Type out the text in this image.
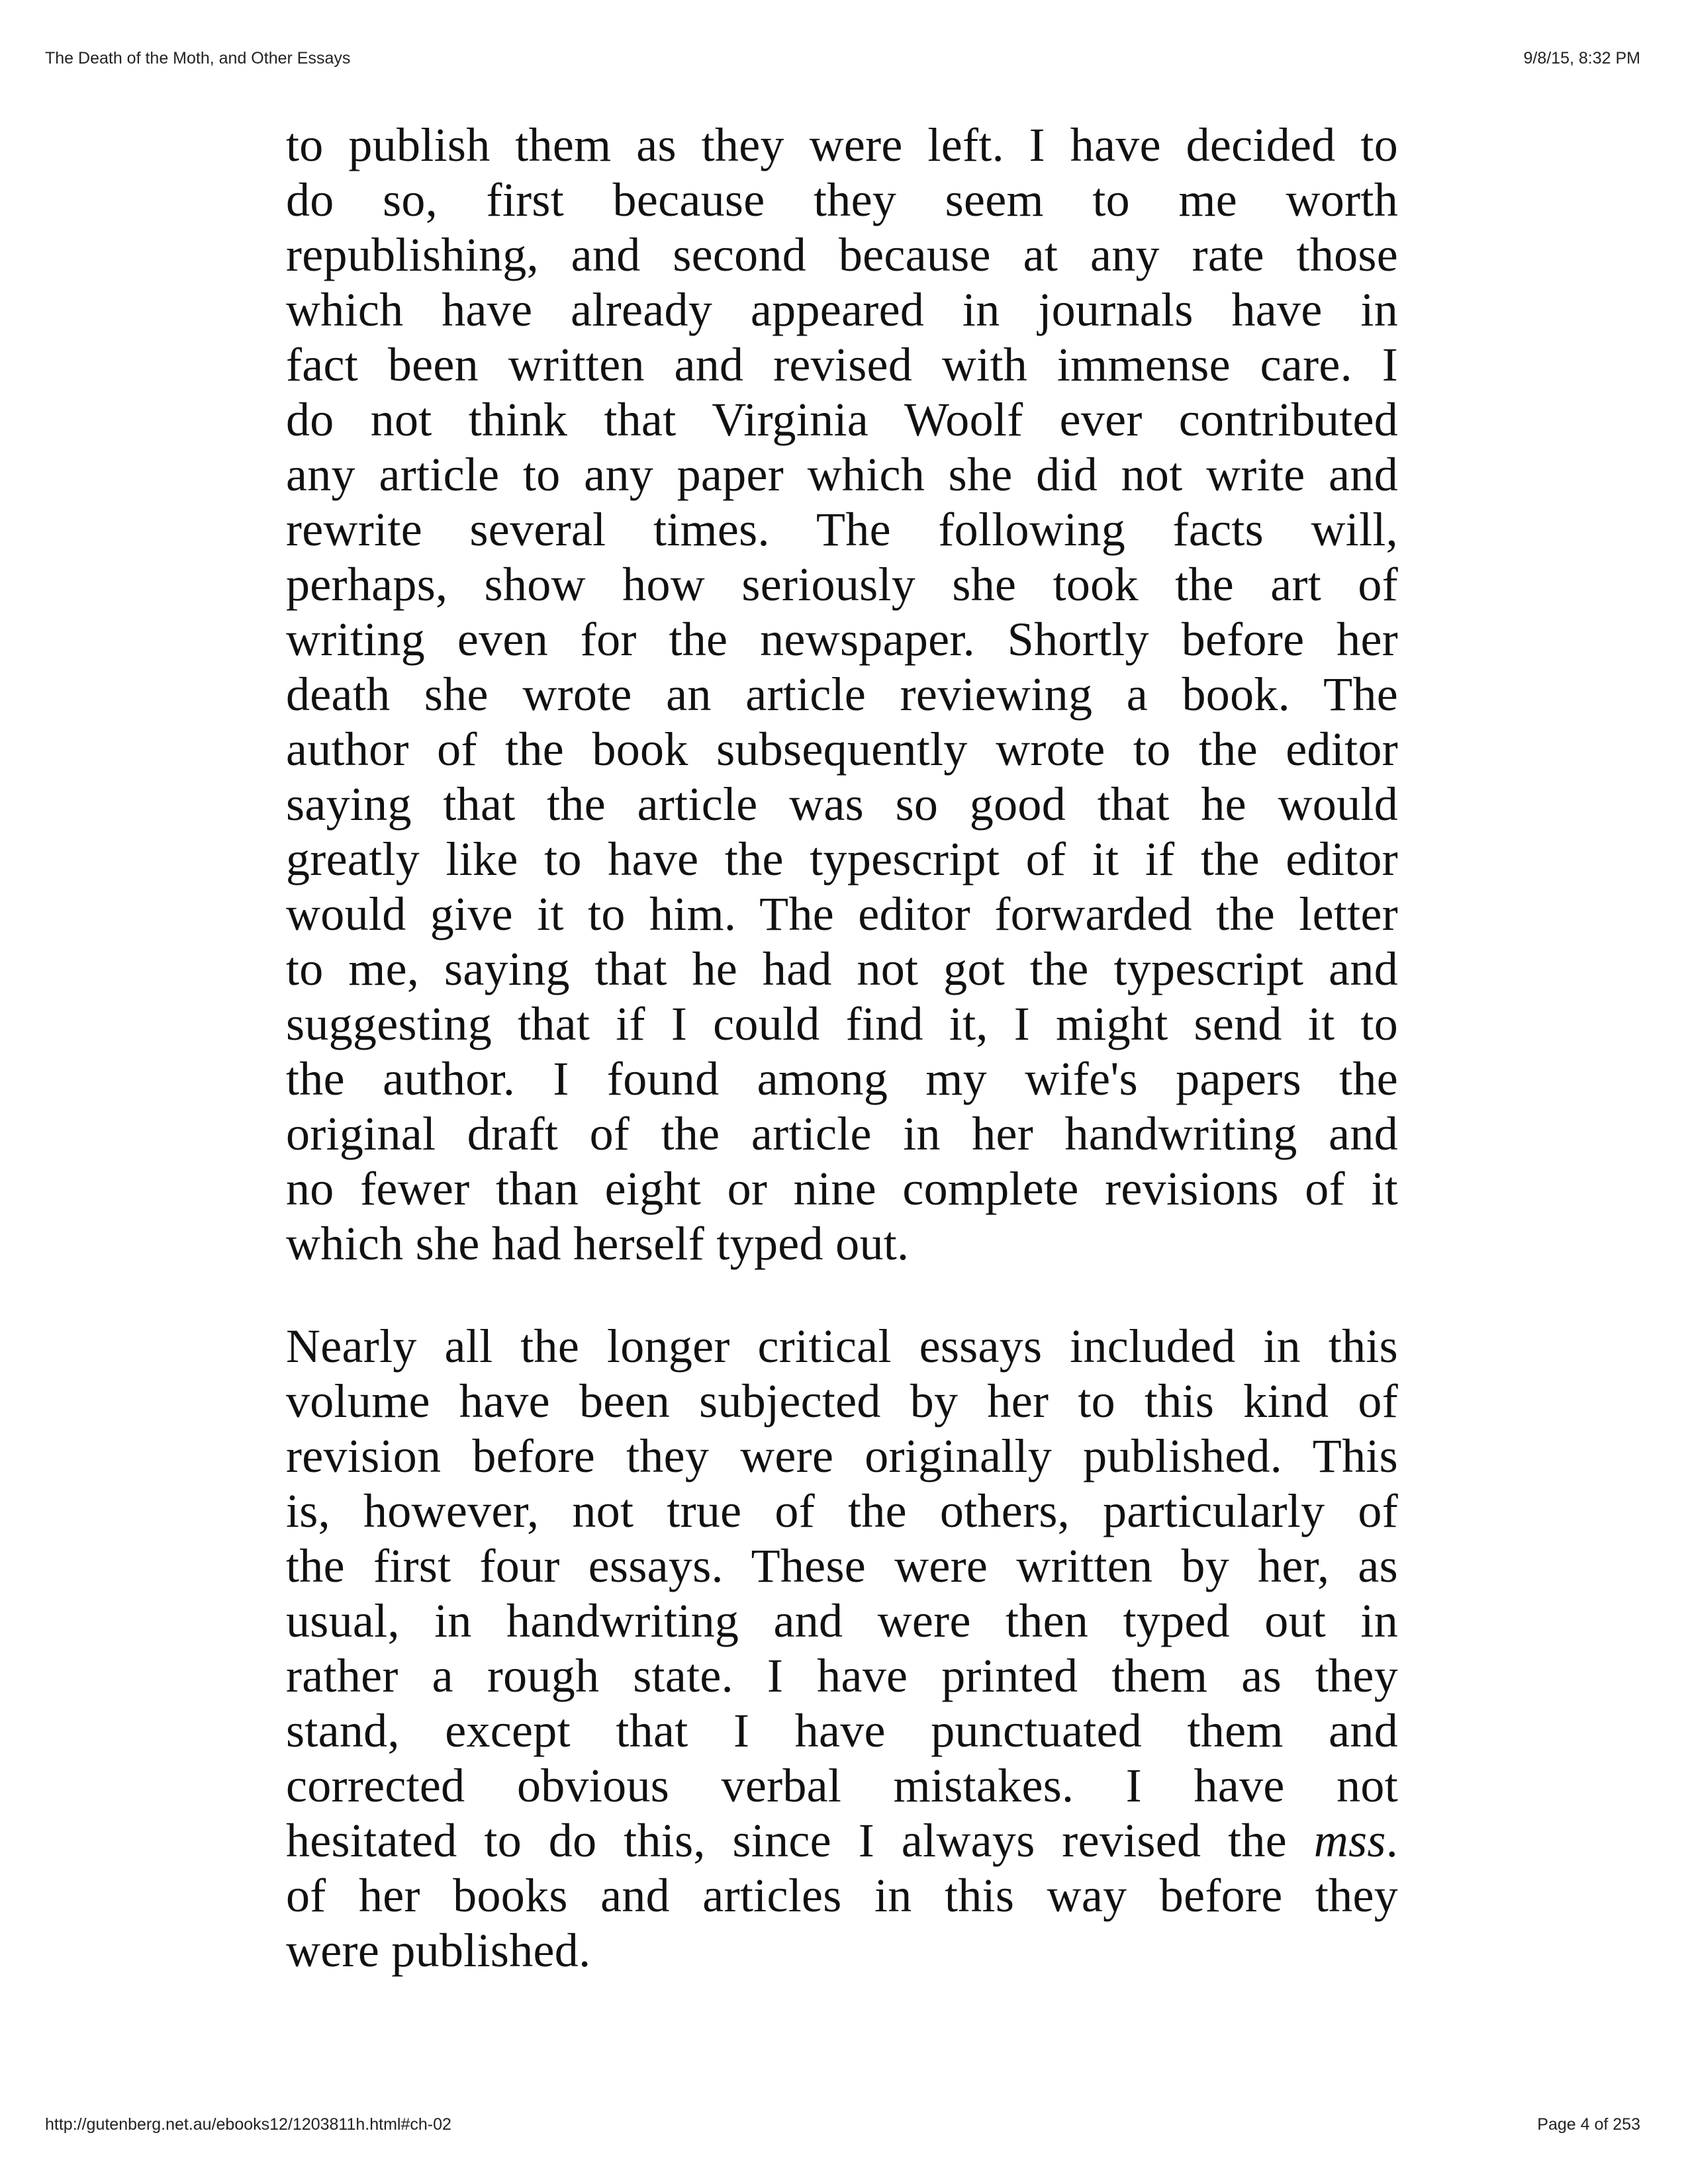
The Death of the Moth, and Other Essays	9/8/15, 8:32 PM
to publish them as they were left. I have decided to
do so, first because they seem to me worth
republishing, and second because at any rate those
which have already appeared in journals have in
fact been written and revised with immense care. I
do not think that Virginia Woolf ever contributed
any article to any paper which she did not write and
rewrite several times. The following facts will,
perhaps, show how seriously she took the art of
writing even for the newspaper. Shortly before her
death she wrote an article reviewing a book. The
author of the book subsequently wrote to the editor
saying that the article was so good that he would
greatly like to have the typescript of it if the editor
would give it to him. The editor forwarded the letter
to me, saying that he had not got the typescript and
suggesting that if I could find it, I might send it to
the author. I found among my wife's papers the
original draft of the article in her handwriting and
no fewer than eight or nine complete revisions of it
which she had herself typed out.
Nearly all the longer critical essays included in this
volume have been subjected by her to this kind of
revision before they were originally published. This
is, however, not true of the others, particularly of
the first four essays. These were written by her, as
usual, in handwriting and were then typed out in
rather a rough state. I have printed them as they
stand, except that I have punctuated them and
corrected obvious verbal mistakes. I have not
hesitated to do this, since I always revised the mss.
of her books and articles in this way before they
were published.
http://gutenberg.net.au/ebooks12/1203811h.html#ch-02	Page 4 of 253
